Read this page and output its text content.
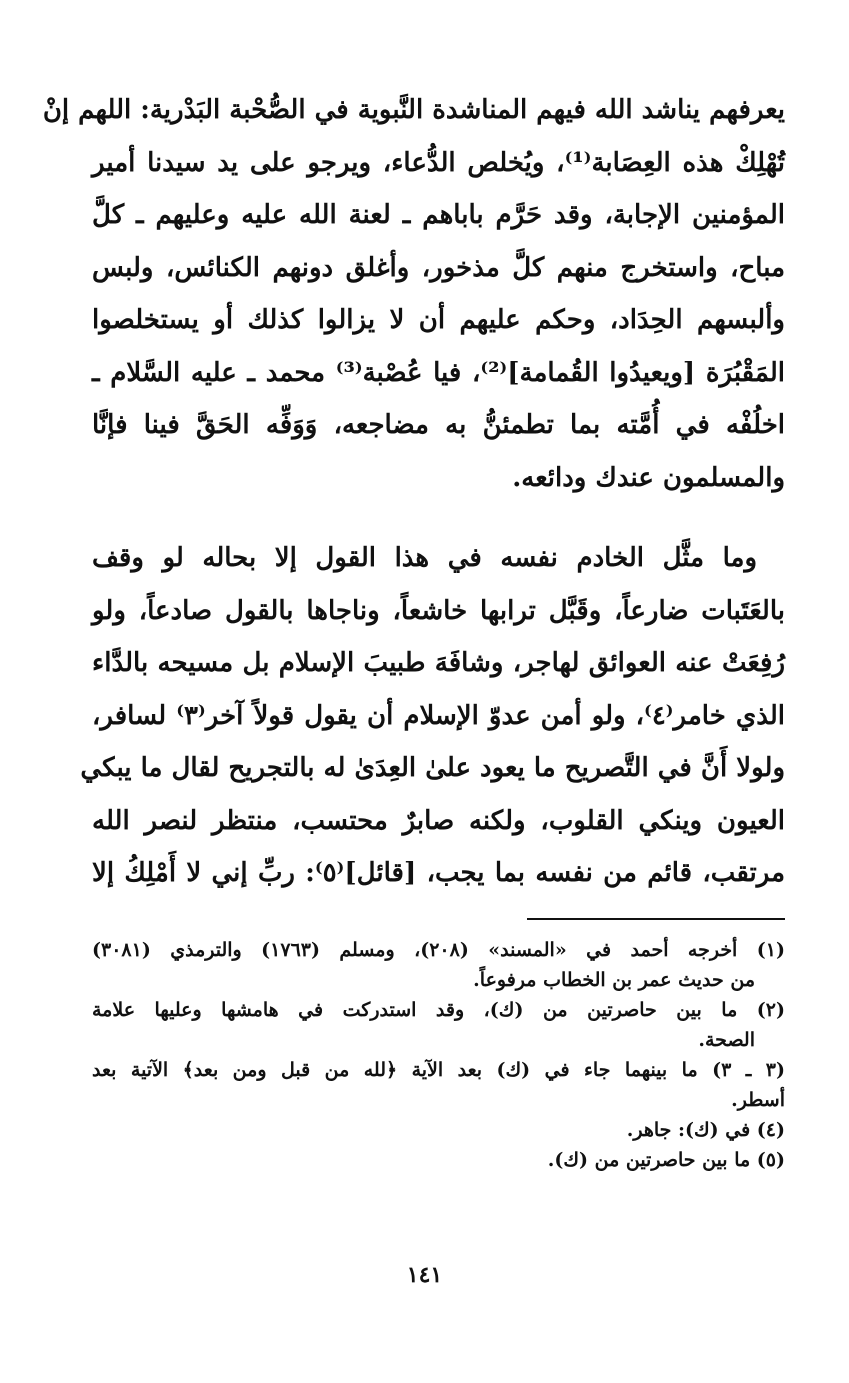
يعرفهم يناشد الله فيهم المناشدة النَّبوية في الصُّحْبة البَدْرية: اللهم إنْ
تُهْلِكْ هذه العِصَابة⁽¹⁾، ويُخلص الدُّعاء، ويرجو على يد سيدنا أمير
المؤمنين الإجابة، وقد حَرَّم باباهم ـ لعنة الله عليه وعليهم ـ كلَّ
مباح، واستخرج منهم كلَّ مذخور، وأغلق دونهم الكنائس، ولبس
وألبسهم الحِدَاد، وحكم عليهم أن لا يزالوا كذلك أو يستخلصوا
المَقْبُرَة [ويعيدُوا القُمامة]⁽²⁾، فيا عُصْبة⁽³⁾ محمد ـ عليه السَّلام ـ
اخلُفْه في أُمَّته بما تطمئنُّ به مضاجعه، وَوَفِّه الحَقَّ فينا فإنَّا
والمسلمون عندك ودائعه.
وما مثَّل الخادم نفسه في هذا القول إلا بحاله لو وقف
بالعَتَبات ضارعاً، وقَبَّل ترابها خاشعاً، وناجاها بالقول صادعاً، ولو
رُفِعَتْ عنه العوائق لهاجر، وشافَهَ طبيبَ الإسلام بل مسيحه بالدَّاء
الذي خامر⁽٤⁾، ولو أمن عدوّ الإسلام أن يقول قولاً آخر⁽٣⁾ لسافر،
ولولا أَنَّ في التَّصريح ما يعود علىٰ العِدَىٰ له بالتجريح لقال ما يبكي
العيون وينكي القلوب، ولكنه صابرٌ محتسب، منتظر لنصر الله
مرتقب، قائم من نفسه بما يجب، [قائل]⁽٥⁾: ربِّ إني لا أَمْلِكُ إلا
(١) أخرجه أحمد في «المسند» (٢٠٨)، ومسلم (١٧٦٣) والترمذي (٣٠٨١)
من حديث عمر بن الخطاب مرفوعاً.
(٢) ما بين حاصرتين من (ك)، وقد استدركت في هامشها وعليها علامة
الصحة.
(٣ ـ ٣) ما بينهما جاء في (ك) بعد الآية ﴿لله من قبل ومن بعد﴾ الآتية بعد
أسطر.
(٤) في (ك): جاهر.
(٥) ما بين حاصرتين من (ك).
١٤١
